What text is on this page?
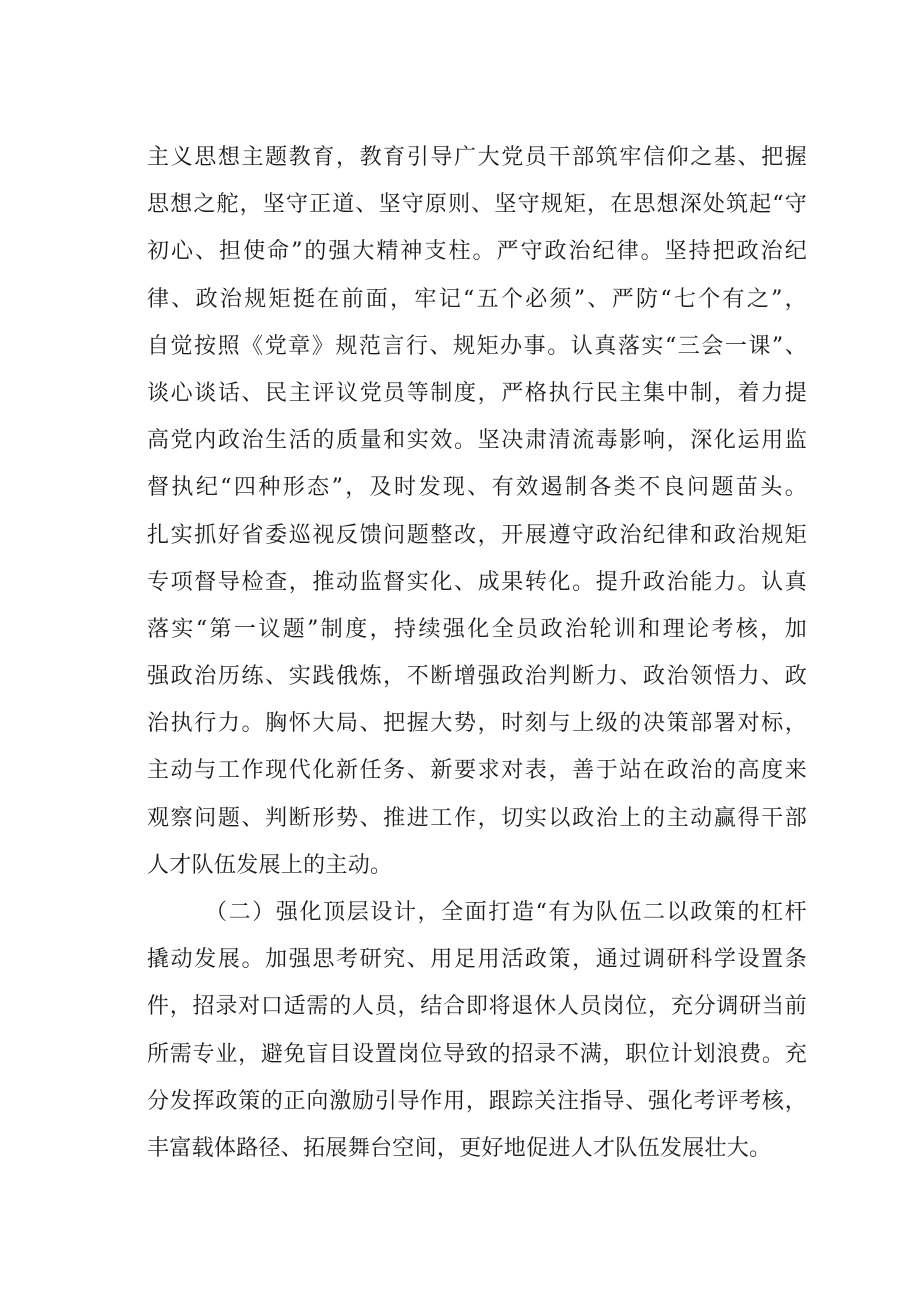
主义思想主题教育，教育引导广大党员干部筑牢信仰之基、把握
思想之舵，坚守正道、坚守原则、坚守规矩，在思想深处筑起“守
初心、担使命”的强大精神支柱。严守政治纪律。坚持把政治纪
律、政治规矩挺在前面，牢记“五个必须”、严防“七个有之”，
自觉按照《党章》规范言行、规矩办事。认真落实“三会一课”、
谈心谈话、民主评议党员等制度，严格执行民主集中制，着力提
高党内政治生活的质量和实效。坚决肃清流毒影响，深化运用监
督执纪“四种形态”，及时发现、有效遏制各类不良问题苗头。
扎实抓好省委巡视反馈问题整改，开展遵守政治纪律和政治规矩
专项督导检查，推动监督实化、成果转化。提升政治能力。认真
落实“第一议题”制度，持续强化全员政治轮训和理论考核，加
强政治历练、实践俄炼，不断增强政治判断力、政治领悟力、政
治执行力。胸怀大局、把握大势，时刻与上级的决策部署对标，
主动与工作现代化新任务、新要求对表，善于站在政治的高度来
观察问题、判断形势、推进工作，切实以政治上的主动赢得干部
人才队伍发展上的主动。
（二）强化顶层设计，全面打造“有为队伍二以政策的杠杆
撬动发展。加强思考研究、用足用活政策，通过调研科学设置条
件，招录对口适需的人员，结合即将退休人员岗位，充分调研当前
所需专业，避免盲目设置岗位导致的招录不满，职位计划浪费。充
分发挥政策的正向激励引导作用，跟踪关注指导、强化考评考核，
丰富载体路径、拓展舞台空间，更好地促进人才队伍发展壮大。
